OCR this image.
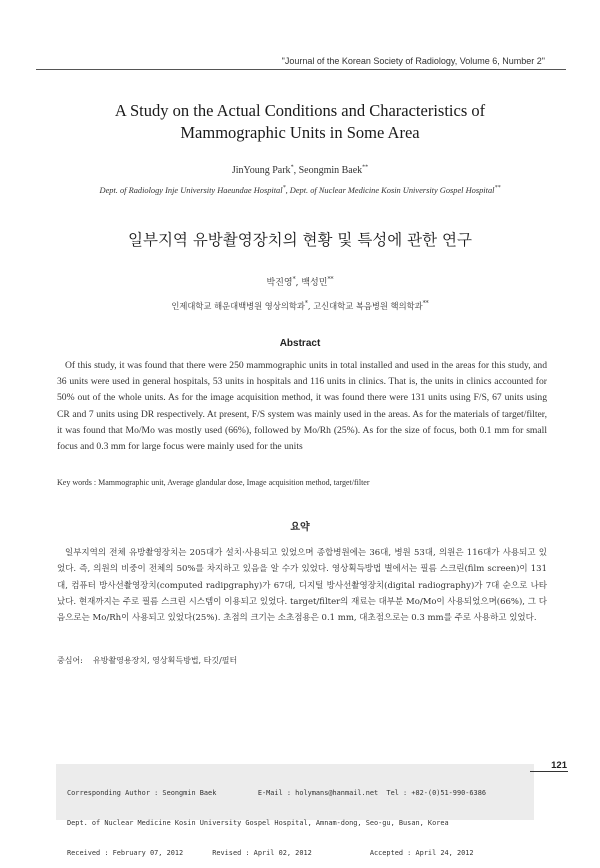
"Journal of the Korean Society of Radiology, Volume 6, Number 2"
A Study on the Actual Conditions and Characteristics of
Mammographic Units in Some Area
JinYoung Park*, Seongmin Baek**
Dept. of Radiology Inje University Haeundae Hospital*, Dept. of Nuclear Medicine Kosin University Gospel Hospital**
일부지역 유방촬영장치의 현황 및 특성에 관한 연구
박진영*, 백성민**
인제대학교 해운대백병원 영상의학과*, 고신대학교 복음병원 핵의학과**
Abstract
Of this study, it was found that there were 250 mammographic units in total installed and used in the areas for this study, and 36 units were used in general hospitals, 53 units in hospitals and 116 units in clinics. That is, the units in clinics accounted for 50% out of the whole units. As for the image acquisition method, it was found there were 131 units using F/S, 67 units using CR and 7 units using DR respectively. At present, F/S system was mainly used in the areas. As for the materials of target/filter, it was found that Mo/Mo was mostly used (66%), followed by Mo/Rh (25%). As for the size of focus, both 0.1 mm for small focus and 0.3 mm for large focus were mainly used for the units
Key words : Mammographic unit, Average glandular dose, Image acquisition method, target/filter
요약
일부지역의 전체 유방촬영장치는 205대가 설치·사용되고 있었으며 종합병원에는 36대, 병원 53대, 의원은 116대가 사용되고 있었다. 즉, 의원의 비중이 전체의 50%를 차지하고 있음을 알 수가 있었다. 영상획득방법 별에서는 필름 스크린(film screen)이 131대, 컴퓨터 방사선촬영장치(computed radipgraphy)가 67대, 디지털 방사선촬영장치(digital radiography)가 7대 순으로 나타났다. 현재까지는 주로 필름 스크린 시스템이 이용되고 있었다. target/filter의 재료는 대부분 Mo/Mo이 사용되었으며(66%), 그 다음으로는 Mo/Rh이 사용되고 있었다(25%). 초점의 크기는 소초점용은 0.1 mm, 대초점으로는 0.3 mm를 주로 사용하고 있었다.
중심어: 유방촬영용장치, 영상획득방법, 타깃/필터

Corresponding Author : Seongmin Baek          E-Mail : holymans@hanmail.net  Tel : +82-(0)51-990-6386

Dept. of Nuclear Medicine Kosin University Gospel Hospital, Amnam-dong, Seo-gu, Busan, Korea

Received : February 07, 2012       Revised : April 02, 2012              Accepted : April 24, 2012

121
